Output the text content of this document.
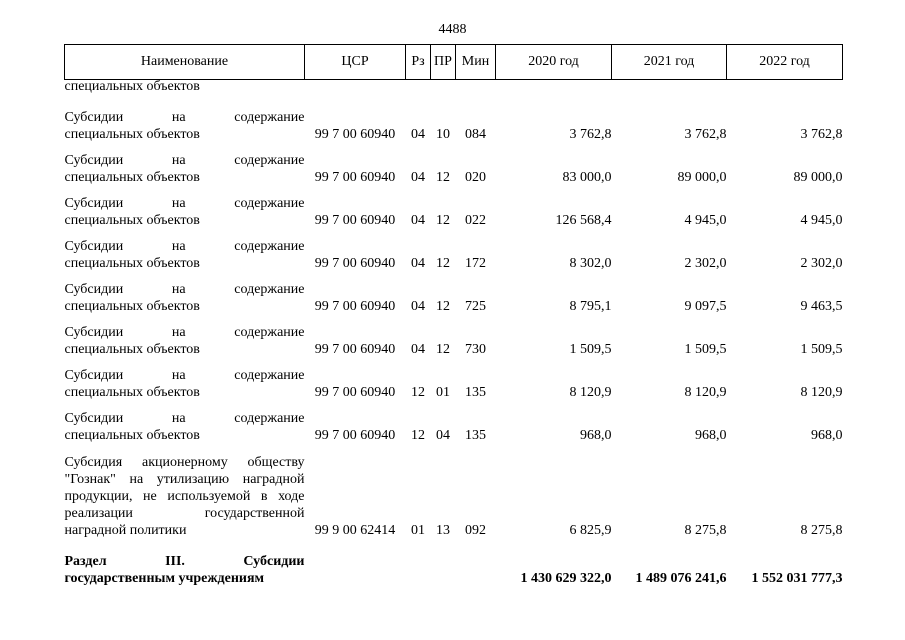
4488
Наименование	ЦСР	Рз	ПР	Мин	2020 год	2021 год	2022 год
специальных объектов							

Субсидии на содержание
специальных объектов	99 7 00 60940	04	10	084	3 762,8	3 762,8	3 762,8

Субсидии на содержание
специальных объектов	99 7 00 60940	04	12	020	83 000,0	89 000,0	89 000,0

Субсидии на содержание
специальных объектов	99 7 00 60940	04	12	022	126 568,4	4 945,0	4 945,0

Субсидии на содержание
специальных объектов	99 7 00 60940	04	12	172	8 302,0	2 302,0	2 302,0

Субсидии на содержание
специальных объектов	99 7 00 60940	04	12	725	8 795,1	9 097,5	9 463,5

Субсидии на содержание
специальных объектов	99 7 00 60940	04	12	730	1 509,5	1 509,5	1 509,5

Субсидии на содержание
специальных объектов	99 7 00 60940	12	01	135	8 120,9	8 120,9	8 120,9

Субсидии на содержание
специальных объектов	99 7 00 60940	12	04	135	968,0	968,0	968,0

Субсидия акционерному обществу
"Гознак" на утилизацию наградной
продукции, не используемой в ходе
реализации государственной
наградной политики	99 9 00 62414	01	13	092	6 825,9	8 275,8	8 275,8

Раздел III. Субсидии
государственным учреждениям					1 430 629 322,0	1 489 076 241,6	1 552 031 777,3
